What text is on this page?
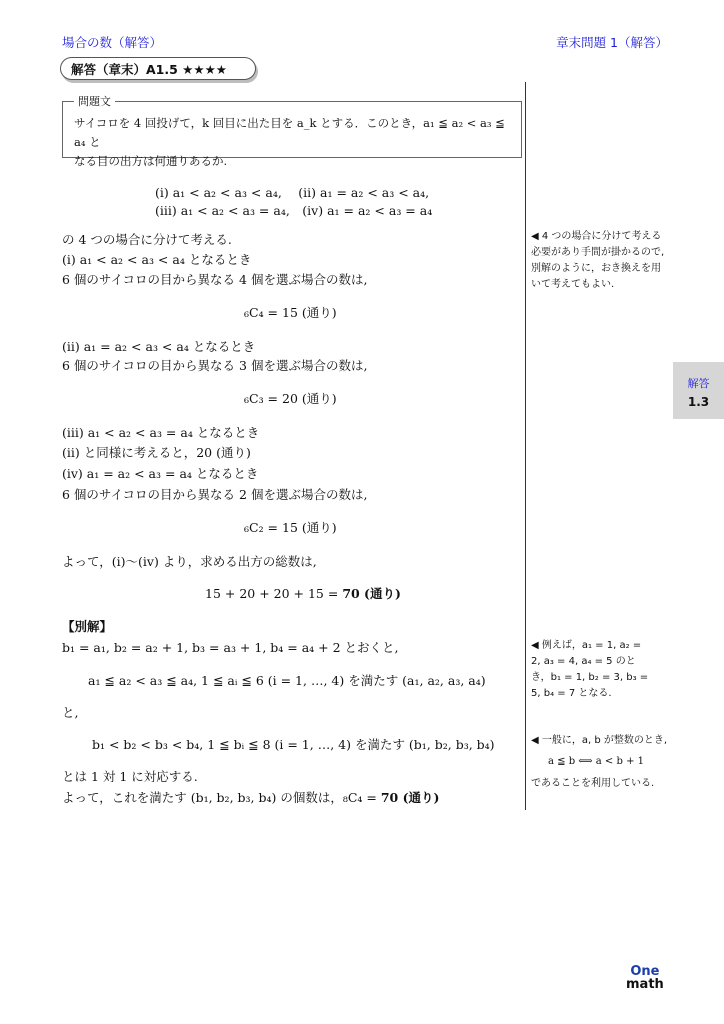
場合の数（解答）	章末問題 1（解答）
解答（章末）A1.5 ★★★★
問題文
サイコロを 4 回投げて，k 回目に出た目を a_k とする．このとき，a₁ ≦ a₂ < a₃ ≦ a₄ と
なる目の出方は何通りあるか.
(i) a₁ < a₂ < a₃ < a₄,　 (ii) a₁ = a₂ < a₃ < a₄,
(iii) a₁ < a₂ < a₃ = a₄,　(iv) a₁ = a₂ < a₃ = a₄
の 4 つの場合に分けて考える.
(i) a₁ < a₂ < a₃ < a₄ となるとき
6 個のサイコロの目から異なる 4 個を選ぶ場合の数は,
₆C₄ = 15 (通り)
(ii) a₁ = a₂ < a₃ < a₄ となるとき
6 個のサイコロの目から異なる 3 個を選ぶ場合の数は,
₆C₃ = 20 (通り)
(iii) a₁ < a₂ < a₃ = a₄ となるとき
(ii) と同様に考えると，20 (通り)
(iv) a₁ = a₂ < a₃ = a₄ となるとき
6 個のサイコロの目から異なる 2 個を選ぶ場合の数は,
₆C₂ = 15 (通り)
よって，(i)〜(iv) より，求める出方の総数は,
15 + 20 + 20 + 15 = 70 (通り)
【別解】
b₁ = a₁, b₂ = a₂ + 1, b₃ = a₃ + 1, b₄ = a₄ + 2 とおくと,
a₁ ≦ a₂ < a₃ ≦ a₄, 1 ≦ aᵢ ≦ 6 (i = 1, …, 4) を満たす (a₁, a₂, a₃, a₄)
と,
b₁ < b₂ < b₃ < b₄, 1 ≦ bᵢ ≦ 8 (i = 1, …, 4) を満たす (b₁, b₂, b₃, b₄)
とは 1 対 1 に対応する.
よって，これを満たす (b₁, b₂, b₃, b₄) の個数は，₈C₄ = 70 (通り)
◀ 4 つの場合に分けて考える
必要があり手間が掛かるので,
別解のように，おき換えを用
いて考えてもよい.
◀ 例えば，a₁ = 1, a₂ =
2, a₃ = 4, a₄ = 5 のと
き，b₁ = 1, b₂ = 3, b₃ =
5, b₄ = 7 となる.
◀ 一般に，a, b が整数のとき,
a ≦ b ⟺ a < b + 1
であることを利用している.
解答
1.3
One
math
